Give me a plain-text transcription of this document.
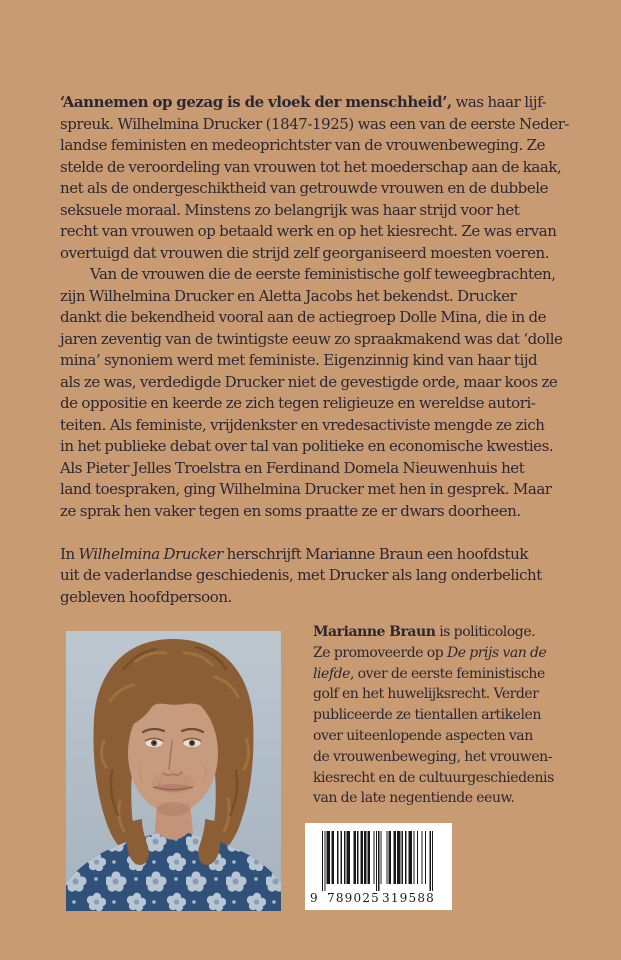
‘Aannemen op gezag is de vloek der menschheid’, was haar lijf-
spreuk. Wilhelmina Drucker (1847-1925) was een van de eerste Neder-
landse feministen en medeoprichtster van de vrouwenbeweging. Ze
stelde de veroordeling van vrouwen tot het moederschap aan de kaak,
net als de ondergeschiktheid van getrouwde vrouwen en de dubbele
seksuele moraal. Minstens zo belangrijk was haar strijd voor het
recht van vrouwen op betaald werk en op het kiesrecht. Ze was ervan
overtuigd dat vrouwen die strijd zelf georganiseerd moesten voeren.
Van de vrouwen die de eerste feministische golf teweegbrachten,
zijn Wilhelmina Drucker en Aletta Jacobs het bekendst. Drucker
dankt die bekendheid vooral aan de actiegroep Dolle Mina, die in de
jaren zeventig van de twintigste eeuw zo spraakmakend was dat ‘dolle
mina’ synoniem werd met feministe. Eigenzinnig kind van haar tijd
als ze was, verdedigde Drucker niet de gevestigde orde, maar koos ze
de oppositie en keerde ze zich tegen religieuze en wereldse autori-
teiten. Als feministe, vrijdenkster en vredesactiviste mengde ze zich
in het publieke debat over tal van politieke en economische kwesties.
Als Pieter Jelles Troelstra en Ferdinand Domela Nieuwenhuis het
land toespraken, ging Wilhelmina Drucker met hen in gesprek. Maar
ze sprak hen vaker tegen en soms praatte ze er dwars doorheen.
In Wilhelmina Drucker herschrijft Marianne Braun een hoofdstuk
uit de vaderlandse geschiedenis, met Drucker als lang onderbelicht
gebleven hoofdpersoon.
Marianne Braun is politicologe.
Ze promoveerde op De prijs van de
liefde, over de eerste feministische
golf en het huwelijksrecht. Verder
publiceerde ze tientallen artikelen
over uiteenlopende aspecten van
de vrouwenbeweging, het vrouwen-
kiesrecht en de cultuurgeschiedenis
van de late negentiende eeuw.
9 789025 319588
